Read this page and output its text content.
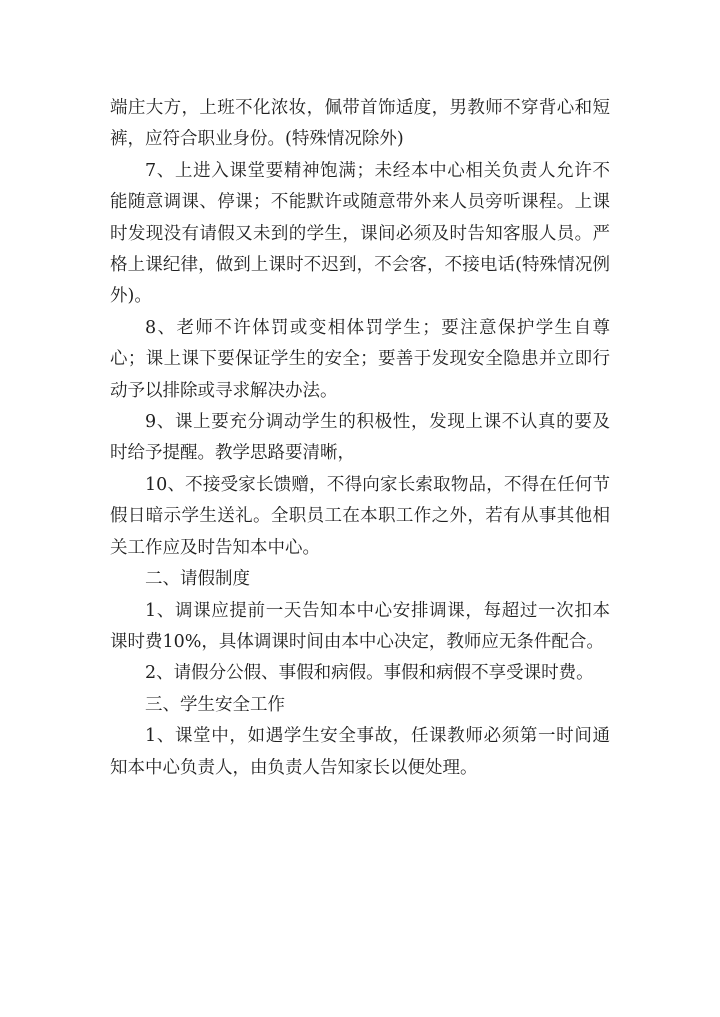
端庄大方，上班不化浓妆，佩带首饰适度，男教师不穿背心和短裤，应符合职业身份。(特殊情况除外)

7、上进入课堂要精神饱满；未经本中心相关负责人允许不能随意调课、停课；不能默许或随意带外来人员旁听课程。上课时发现没有请假又未到的学生，课间必须及时告知客服人员。严格上课纪律，做到上课时不迟到，不会客，不接电话(特殊情况例外)。

8、老师不许体罚或变相体罚学生；要注意保护学生自尊心；课上课下要保证学生的安全；要善于发现安全隐患并立即行动予以排除或寻求解决办法。

9、课上要充分调动学生的积极性，发现上课不认真的要及时给予提醒。教学思路要清晰，

10、不接受家长馈赠，不得向家长索取物品，不得在任何节假日暗示学生送礼。全职员工在本职工作之外，若有从事其他相关工作应及时告知本中心。

二、请假制度

1、调课应提前一天告知本中心安排调课，每超过一次扣本课时费10%，具体调课时间由本中心决定，教师应无条件配合。

2、请假分公假、事假和病假。事假和病假不享受课时费。

三、学生安全工作

1、课堂中，如遇学生安全事故，任课教师必须第一时间通知本中心负责人，由负责人告知家长以便处理。
